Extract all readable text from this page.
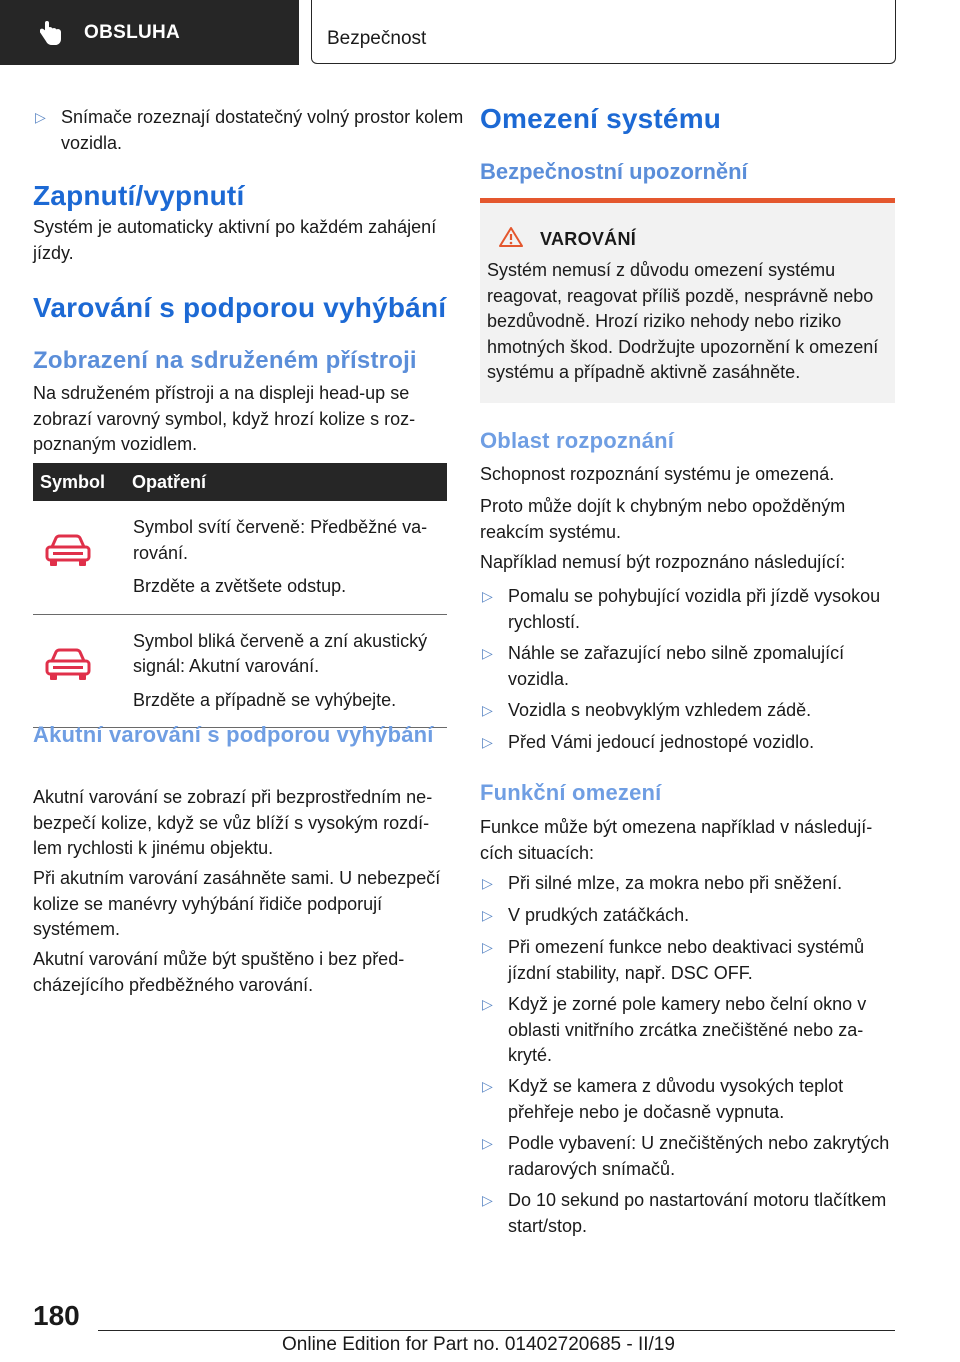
OBSLUHA	Bezpečnost
▷ Snímače rozeznají dostatečný volný prostor kolem vozidla.
Zapnutí/vypnutí

Systém je automaticky aktivní po každém zahájení jízdy.

Varování s podporou vyhýbání
Zobrazení na sdruženém přístroji

Na sdruženém přístroji a na displeji head-up se zobrazí varovný symbol, když hrozí kolize s rozpoznaným vozidlem.

Symbol	Opatření

Symbol svítí červeně: Předběžné varování.

Brzděte a zvětšete odstup.

Symbol bliká červeně a zní akustický signál: Akutní varování.

Brzděte a případně se vyhýbejte.

Akutní varování s podporou vyhýbání

Akutní varování se zobrazí při bezprostředním nebezpečí kolize, když se vůz blíží s vysokým rozdílem rychlosti k jinému objektu.

Při akutním varování zasáhněte sami. U nebezpečí kolize se manévry vyhýbání řidiče podporují systémem.

Akutní varování může být spuštěno i bez předcházejícího předběžného varování.

Omezení systému
Bezpečnostní upozornění
VAROVÁNÍ
Systém nemusí z důvodu omezení systému reagovat, reagovat příliš pozdě, nesprávně nebo bezdůvodně. Hrozí riziko nehody nebo riziko hmotných škod. Dodržujte upozornění k omezení systému a případně aktivně zasáhněte.
Oblast rozpoznání

Schopnost rozpoznání systému je omezená.

Proto může dojít k chybným nebo opožděným reakcím systému.

Například nemusí být rozpoznáno následující:

▷ Pomalu se pohybující vozidla při jízdě vysokou rychlostí.
▷ Náhle se zařazující nebo silně zpomalující vozidla.
▷ Vozidla s neobvyklým vzhledem zádě.
▷ Před Vámi jedoucí jednostopé vozidlo.
Funkční omezení

Funkce může být omezena například v následujících situacích:

▷ Při silné mlze, za mokra nebo při sněžení.
▷ V prudkých zatáčkách.
▷ Při omezení funkce nebo deaktivaci systémů jízdní stability, např. DSC OFF.
▷ Když je zorné pole kamery nebo čelní okno v oblasti vnitřního zrcátka znečištěné nebo zakryté.
▷ Když se kamera z důvodu vysokých teplot přehřeje nebo je dočasně vypnuta.
▷ Podle vybavení: U znečištěných nebo zakrytých radarových snímačů.
▷ Do 10 sekund po nastartování motoru tlačítkem start/stop.
180
Online Edition for Part no. 01402720685 - II/19
